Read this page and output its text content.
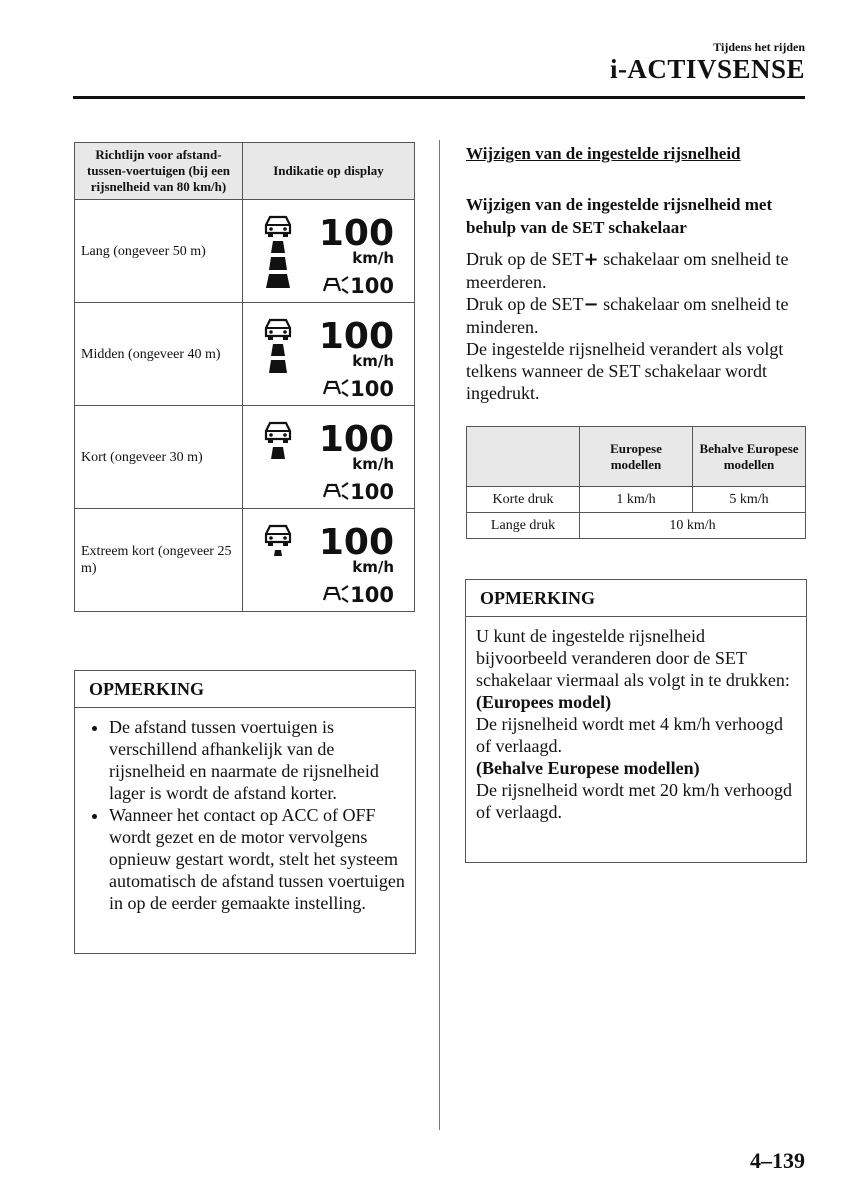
Tijdens het rijden
i-ACTIVSENSE
Richtlijn voor afstand-tussen-voertuigen (bij een rijsnelheid van 80 km/h)	Indikatie op display
Lang (ongeveer 50 m)	100
km/h
100

Midden (ongeveer 40 m)	100
km/h
100

Kort (ongeveer 30 m)	100
km/h
100

Extreem kort (ongeveer 25 m)	100
km/h
100
OPMERKING
• De afstand tussen voertuigen is verschillend afhankelijk van de rijsnelheid en naarmate de rijsnelheid lager is wordt de afstand korter.
• Wanneer het contact op ACC of OFF wordt gezet en de motor vervolgens opnieuw gestart wordt, stelt het systeem automatisch de afstand tussen voertuigen in op de eerder gemaakte instelling.
Wijzigen van de ingestelde rijsnelheid
Wijzigen van de ingestelde rijsnelheid met behulp van de SET schakelaar
Druk op de SET+ schakelaar om snelheid te meerderen.
Druk op de SET− schakelaar om snelheid te minderen.
De ingestelde rijsnelheid verandert als volgt telkens wanneer de SET schakelaar wordt ingedrukt.
	Europese modellen	Behalve Europese modellen
Korte druk	1 km/h	5 km/h
Lange druk	10 km/h	
OPMERKING
U kunt de ingestelde rijsnelheid bijvoorbeeld veranderen door de SET schakelaar viermaal als volgt in te drukken:
(Europees model)
De rijsnelheid wordt met 4 km/h verhoogd of verlaagd.
(Behalve Europese modellen)
De rijsnelheid wordt met 20 km/h verhoogd of verlaagd.
4–139
